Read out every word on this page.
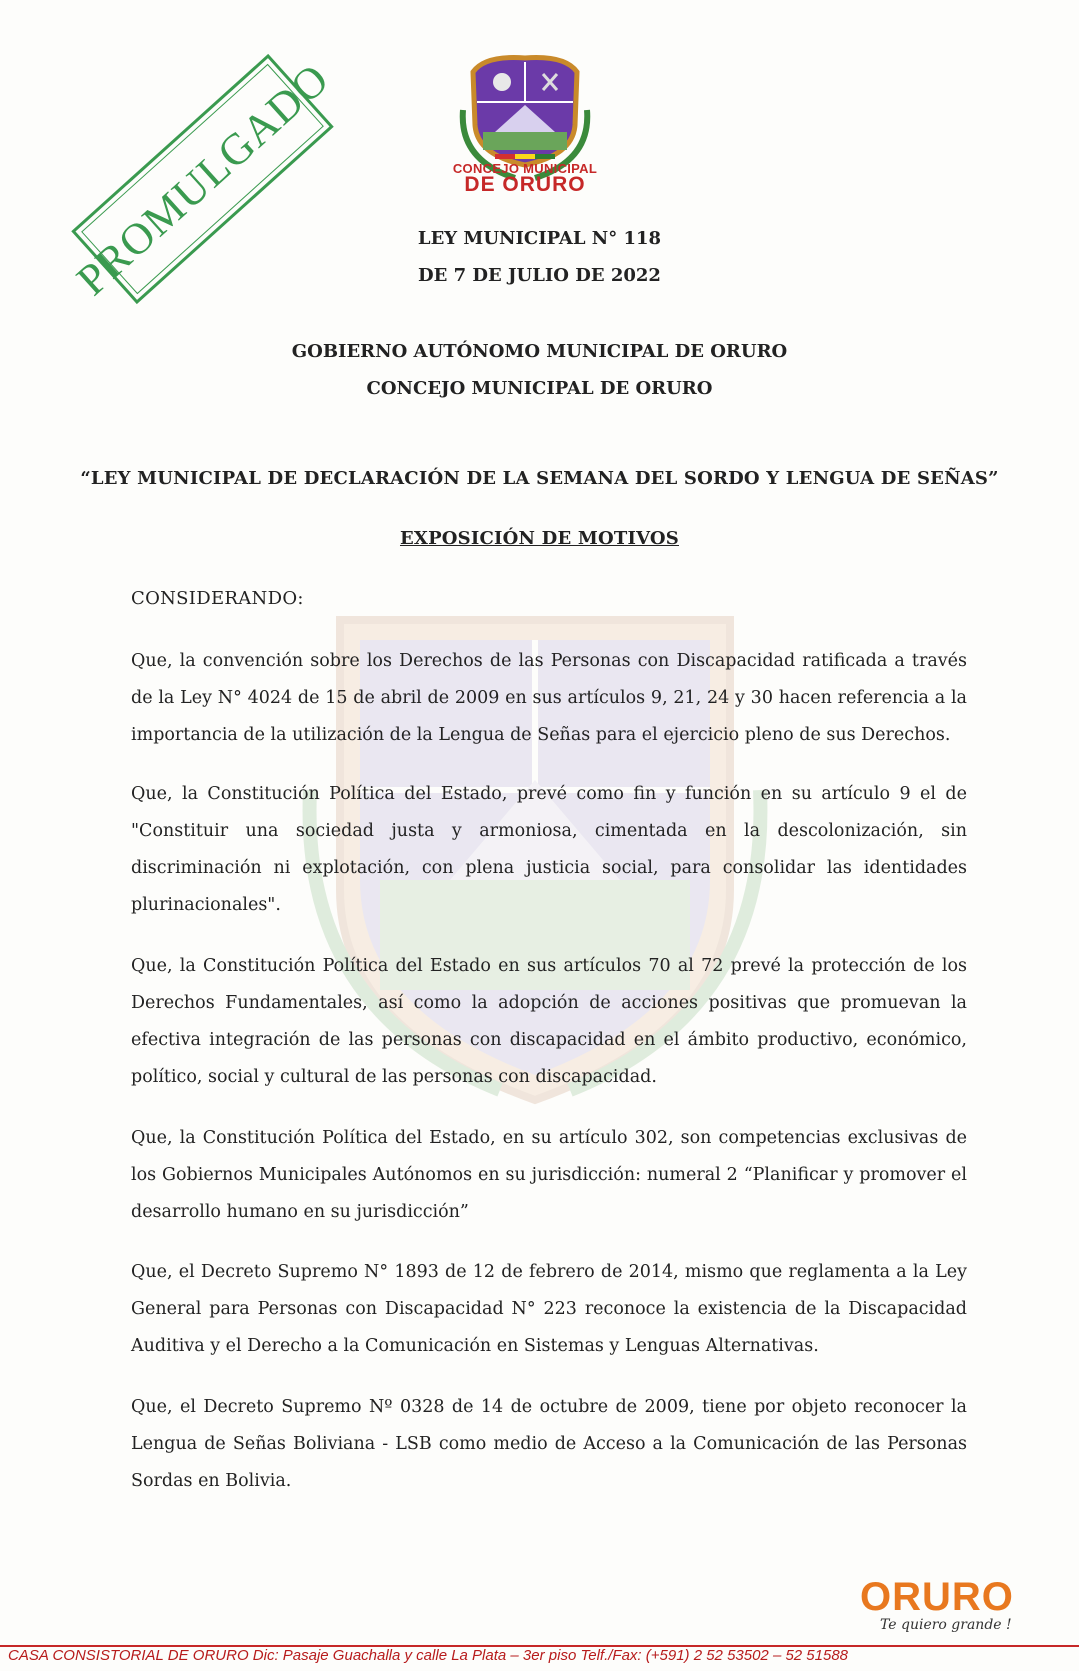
PROMULGADO	CONCEJO MUNICIPAL
DE ORURO
LEY MUNICIPAL N° 118
DE 7 DE JULIO DE 2022
GOBIERNO AUTÓNOMO MUNICIPAL DE ORURO
CONCEJO MUNICIPAL DE ORURO
“LEY MUNICIPAL DE DECLARACIÓN DE LA SEMANA DEL SORDO Y LENGUA DE SEÑAS”
EXPOSICIÓN DE MOTIVOS
CONSIDERANDO:

Que, la convención sobre los Derechos de las Personas con Discapacidad ratificada a través de la Ley N° 4024 de 15 de abril de 2009 en sus artículos 9, 21, 24 y 30 hacen referencia a la importancia de la utilización de la Lengua de Señas para el ejercicio pleno de sus Derechos.

Que, la Constitución Política del Estado, prevé como fin y función en su artículo 9 el de "Constituir una sociedad justa y armoniosa, cimentada en la descolonización, sin discriminación ni explotación, con plena justicia social, para consolidar las identidades plurinacionales".

Que, la Constitución Política del Estado en sus artículos 70 al 72 prevé la protección de los Derechos Fundamentales, así como la adopción de acciones positivas que promuevan la efectiva integración de las personas con discapacidad en el ámbito productivo, económico, político, social y cultural de las personas con discapacidad.

Que, la Constitución Política del Estado, en su artículo 302, son competencias exclusivas de los Gobiernos Municipales Autónomos en su jurisdicción: numeral 2 “Planificar y promover el desarrollo humano en su jurisdicción”

Que, el Decreto Supremo N° 1893 de 12 de febrero de 2014, mismo que reglamenta a la Ley General para Personas con Discapacidad N° 223 reconoce la existencia de la Discapacidad Auditiva y el Derecho a la Comunicación en Sistemas y Lenguas Alternativas.

Que, el Decreto Supremo Nº 0328 de 14 de octubre de 2009, tiene por objeto reconocer la Lengua de Señas Boliviana - LSB como medio de Acceso a la Comunicación de las Personas Sordas en Bolivia.

ORURO
Te quiero grande !
CASA CONSISTORIAL DE ORURO Dic: Pasaje Guachalla y calle La Plata – 3er piso Telf./Fax: (+591) 2 52 53502 – 52 51588
